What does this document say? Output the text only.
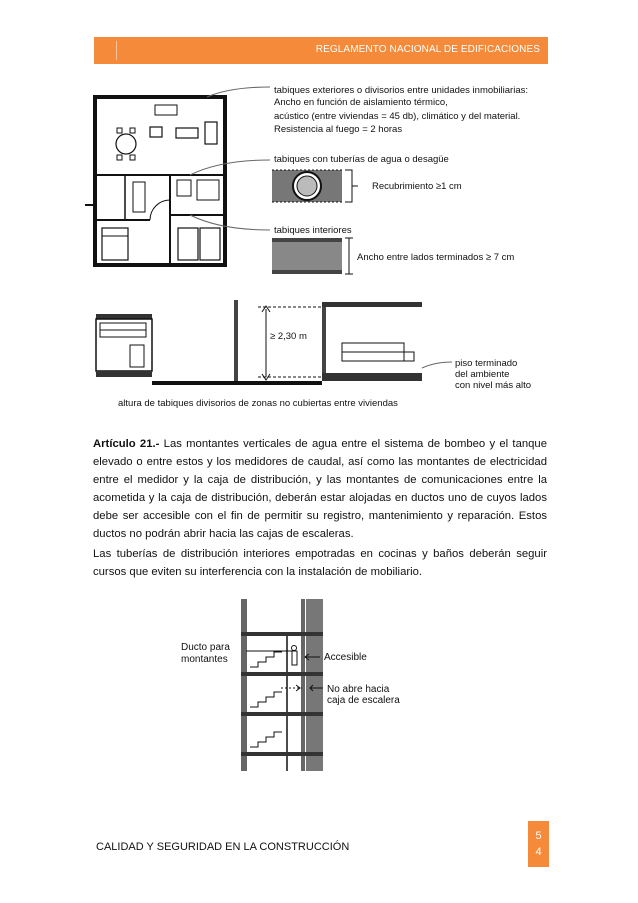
REGLAMENTO NACIONAL DE EDIFICACIONES
tabiques exteriores o divisorios entre unidades inmobiliarias:
Ancho en función de aislamiento térmico,
acústico (entre viviendas = 45 db), climático y del material.
Resistencia al fuego = 2 horas
tabiques con tuberías de agua o desagüe
Recubrimiento ≥1 cm
tabiques interiores
Ancho entre lados terminados ≥ 7 cm
≥ 2,30 m
piso terminado
del ambiente
con nivel más alto
altura de tabiques divisorios de zonas no cubiertas entre viviendas
Artículo 21.- Las montantes verticales de agua entre el sistema de bombeo y el tanque elevado o entre estos y los medidores de caudal, así como las montantes de electricidad entre el medidor y la caja de distribución, y las montantes de comunicaciones entre la acometida y la caja de distribución, deberán estar alojadas en ductos uno de cuyos lados debe ser accesible con el fin de permitir su registro, mantenimiento y reparación. Estos ductos no podrán abrir hacia las cajas de escaleras.
Las tuberías de distribución interiores empotradas en cocinas y baños deberán seguir cursos que eviten su interferencia con la instalación de mobiliario.
Ducto para
montantes	Accesible
No abre hacia
caja de escalera
CALIDAD Y SEGURIDAD EN LA CONSTRUCCIÓN
5
4
